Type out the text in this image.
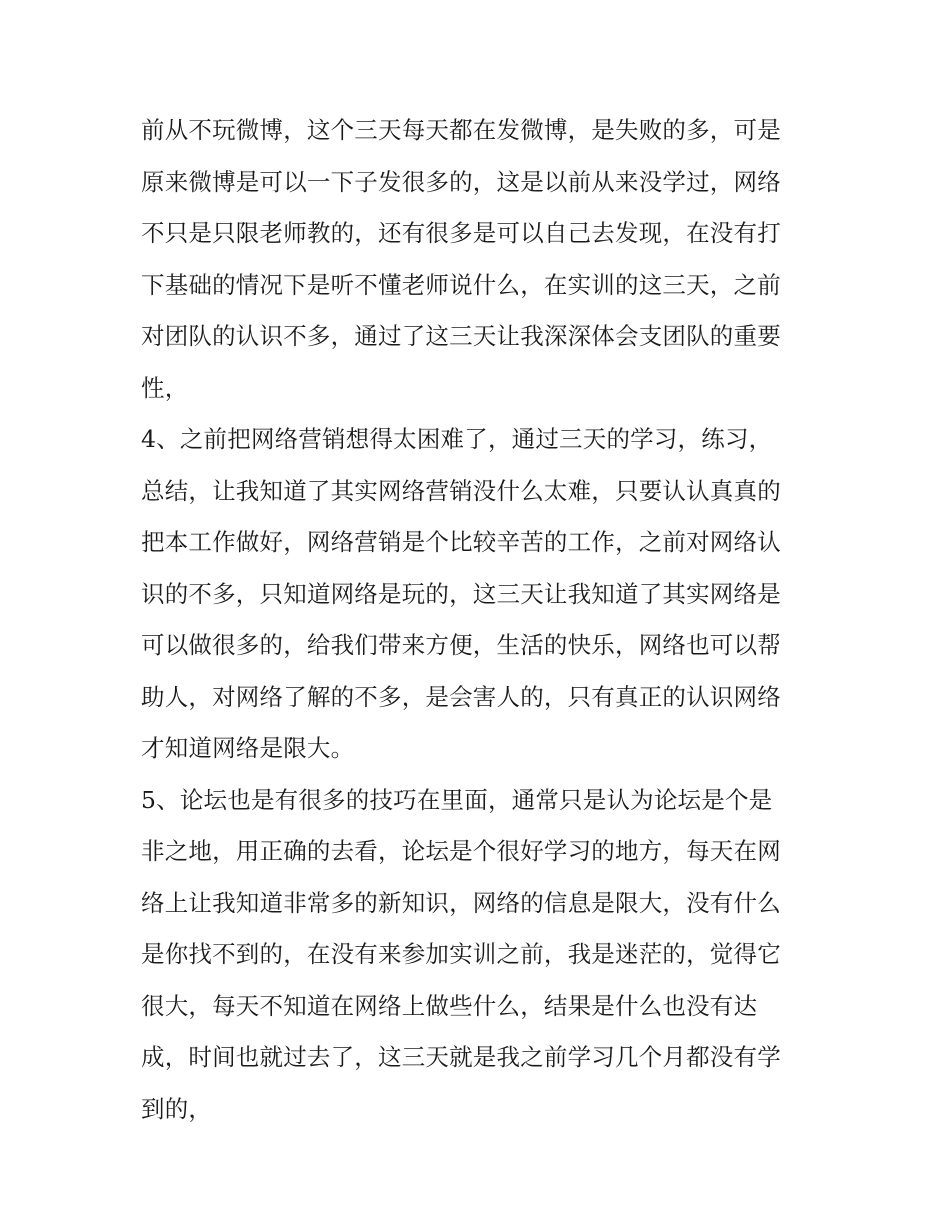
前从不玩微博，这个三天每天都在发微博，是失败的多，可是
原来微博是可以一下子发很多的，这是以前从来没学过，网络
不只是只限老师教的，还有很多是可以自己去发现，在没有打
下基础的情况下是听不懂老师说什么，在实训的这三天，之前
对团队的认识不多，通过了这三天让我深深体会支团队的重要
性，
4、之前把网络营销想得太困难了，通过三天的学习，练习，
总结，让我知道了其实网络营销没什么太难，只要认认真真的
把本工作做好，网络营销是个比较辛苦的工作，之前对网络认
识的不多，只知道网络是玩的，这三天让我知道了其实网络是
可以做很多的，给我们带来方便，生活的快乐，网络也可以帮
助人，对网络了解的不多，是会害人的，只有真正的认识网络
才知道网络是限大。
5、论坛也是有很多的技巧在里面，通常只是认为论坛是个是
非之地，用正确的去看，论坛是个很好学习的地方，每天在网
络上让我知道非常多的新知识，网络的信息是限大，没有什么
是你找不到的，在没有来参加实训之前，我是迷茫的，觉得它
很大，每天不知道在网络上做些什么，结果是什么也没有达
成，时间也就过去了，这三天就是我之前学习几个月都没有学
到的，
